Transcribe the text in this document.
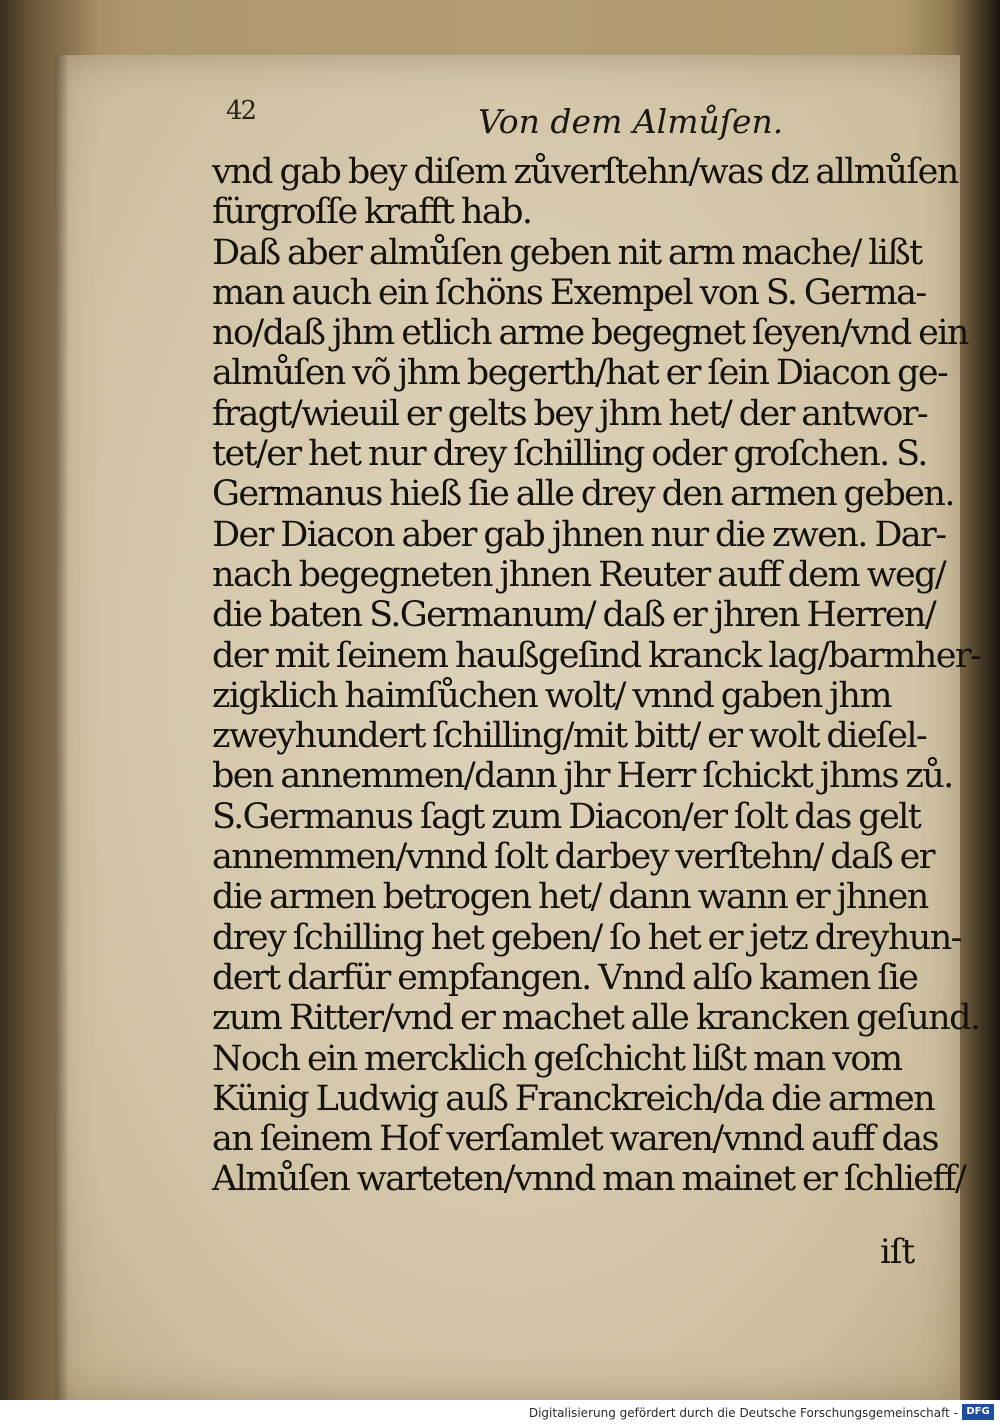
42	Von dem Almůſen.
vnd gab bey diſem zůverſtehn/was dz allmůſen
fürgroſſe krafft hab.
Daß aber almůſen geben nit arm mache/ lißt
man auch ein ſchöns Exempel von S. Germa-
no/daß jhm etlich arme begegnet ſeyen/vnd ein
almůſen võ jhm begerth/hat er ſein Diacon ge-
fragt/wieuil er gelts bey jhm het/ der antwor-
tet/er het nur drey ſchilling oder groſchen. S.
Germanus hieß ſie alle drey den armen geben.
Der Diacon aber gab jhnen nur die zwen. Dar-
nach begegneten jhnen Reuter auff dem weg/
die baten S.Germanum/ daß er jhren Herren/
der mit ſeinem haußgeſind kranck lag/barmher-
zigklich haimſůchen wolt/ vnnd gaben jhm
zweyhundert ſchilling/mit bitt/ er wolt dieſel-
ben annemmen/dann jhr Herr ſchickt jhms zů.
S.Germanus ſagt zum Diacon/er ſolt das gelt
annemmen/vnnd ſolt darbey verſtehn/ daß er
die armen betrogen het/ dann wann er jhnen
drey ſchilling het geben/ ſo het er jetz dreyhun-
dert darfür empfangen. Vnnd alſo kamen ſie
zum Ritter/vnd er machet alle krancken geſund.
Noch ein mercklich geſchicht lißt man vom
Künig Ludwig auß Franckreich/da die armen
an ſeinem Hof verſamlet waren/vnnd auff das
Almůſen warteten/vnnd man mainet er ſchlieff/
iſt
Digitalisierung gefördert durch die Deutsche Forschungsgemeinschaft - DFG
